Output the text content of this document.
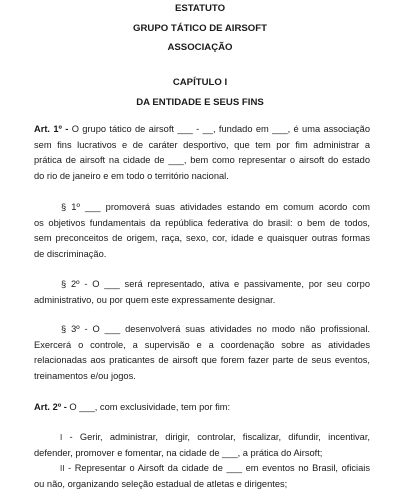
ESTATUTO
GRUPO TÁTICO DE AIRSOFT
ASSOCIAÇÃO
CAPÍTULO I
DA ENTIDADE E SEUS FINS
Art. 1º - O grupo tático de airsoft ___ - __, fundado em ___, é uma associação
sem fins lucrativos e de caráter desportivo, que tem por fim administrar a
prática de airsoft na cidade de ___, bem como representar o airsoft do estado
do rio de janeiro e em todo o território nacional.
§ 1º ___ promoverá suas atividades estando em comum acordo com
os objetivos fundamentais da república federativa do brasil: o bem de todos,
sem preconceitos de origem, raça, sexo, cor, idade e quaisquer outras formas
de discriminação.
§ 2º - O ___ será representado, ativa e passivamente, por seu corpo
administrativo, ou por quem este expressamente designar.
§ 3º - O ___ desenvolverá suas atividades no modo não profissional.
Exercerá o controle, a supervisão e a coordenação sobre as atividades
relacionadas aos praticantes de airsoft que forem fazer parte de seus eventos,
treinamentos e/ou jogos.
Art. 2º - O ___, com exclusividade, tem por fim:
I - Gerir, administrar, dirigir, controlar, fiscalizar, difundir, incentivar,
defender, promover e fomentar, na cidade de ___, a prática do Airsoft;
II - Representar o Airsoft da cidade de ___ em eventos no Brasil, oficiais
ou não, organizando seleção estadual de atletas e dirigentes;
